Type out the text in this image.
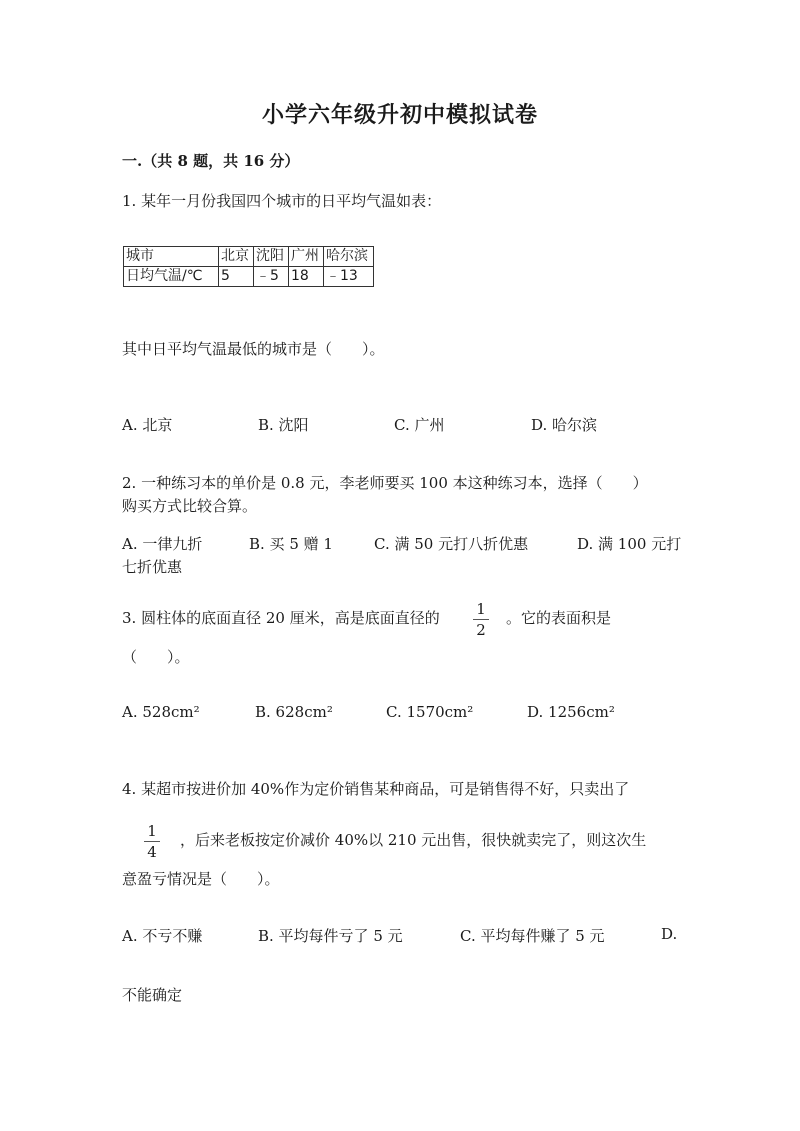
小学六年级升初中模拟试卷
一.（共 8 题，共 16 分）
1. 某年一月份我国四个城市的日平均气温如表：
城市	北京	沈阳	广州	哈尔滨
日均气温/℃	5	﹣5	18	﹣13
其中日平均气温最低的城市是（　　）。
A. 北京	B. 沈阳	C. 广州	D. 哈尔滨
2. 一种练习本的单价是 0.8 元，李老师要买 100 本这种练习本，选择（　　）
购买方式比较合算。
A. 一律九折	B. 买 5 赠 1	C. 满 50 元打八折优惠	D. 满 100 元打
七折优惠
3. 圆柱体的底面直径 20 厘米，高是底面直径的	1
2
。它的表面积是
（　　）。
A. 528cm²	B. 628cm²	C. 1570cm²	D. 1256cm²
4. 某超市按进价加 40%作为定价销售某种商品，可是销售得不好，只卖出了
1
4
，后来老板按定价减价 40%以 210 元出售，很快就卖完了，则这次生
意盈亏情况是（　　）。
A. 不亏不赚	B. 平均每件亏了 5 元	C. 平均每件赚了 5 元	D.
不能确定
